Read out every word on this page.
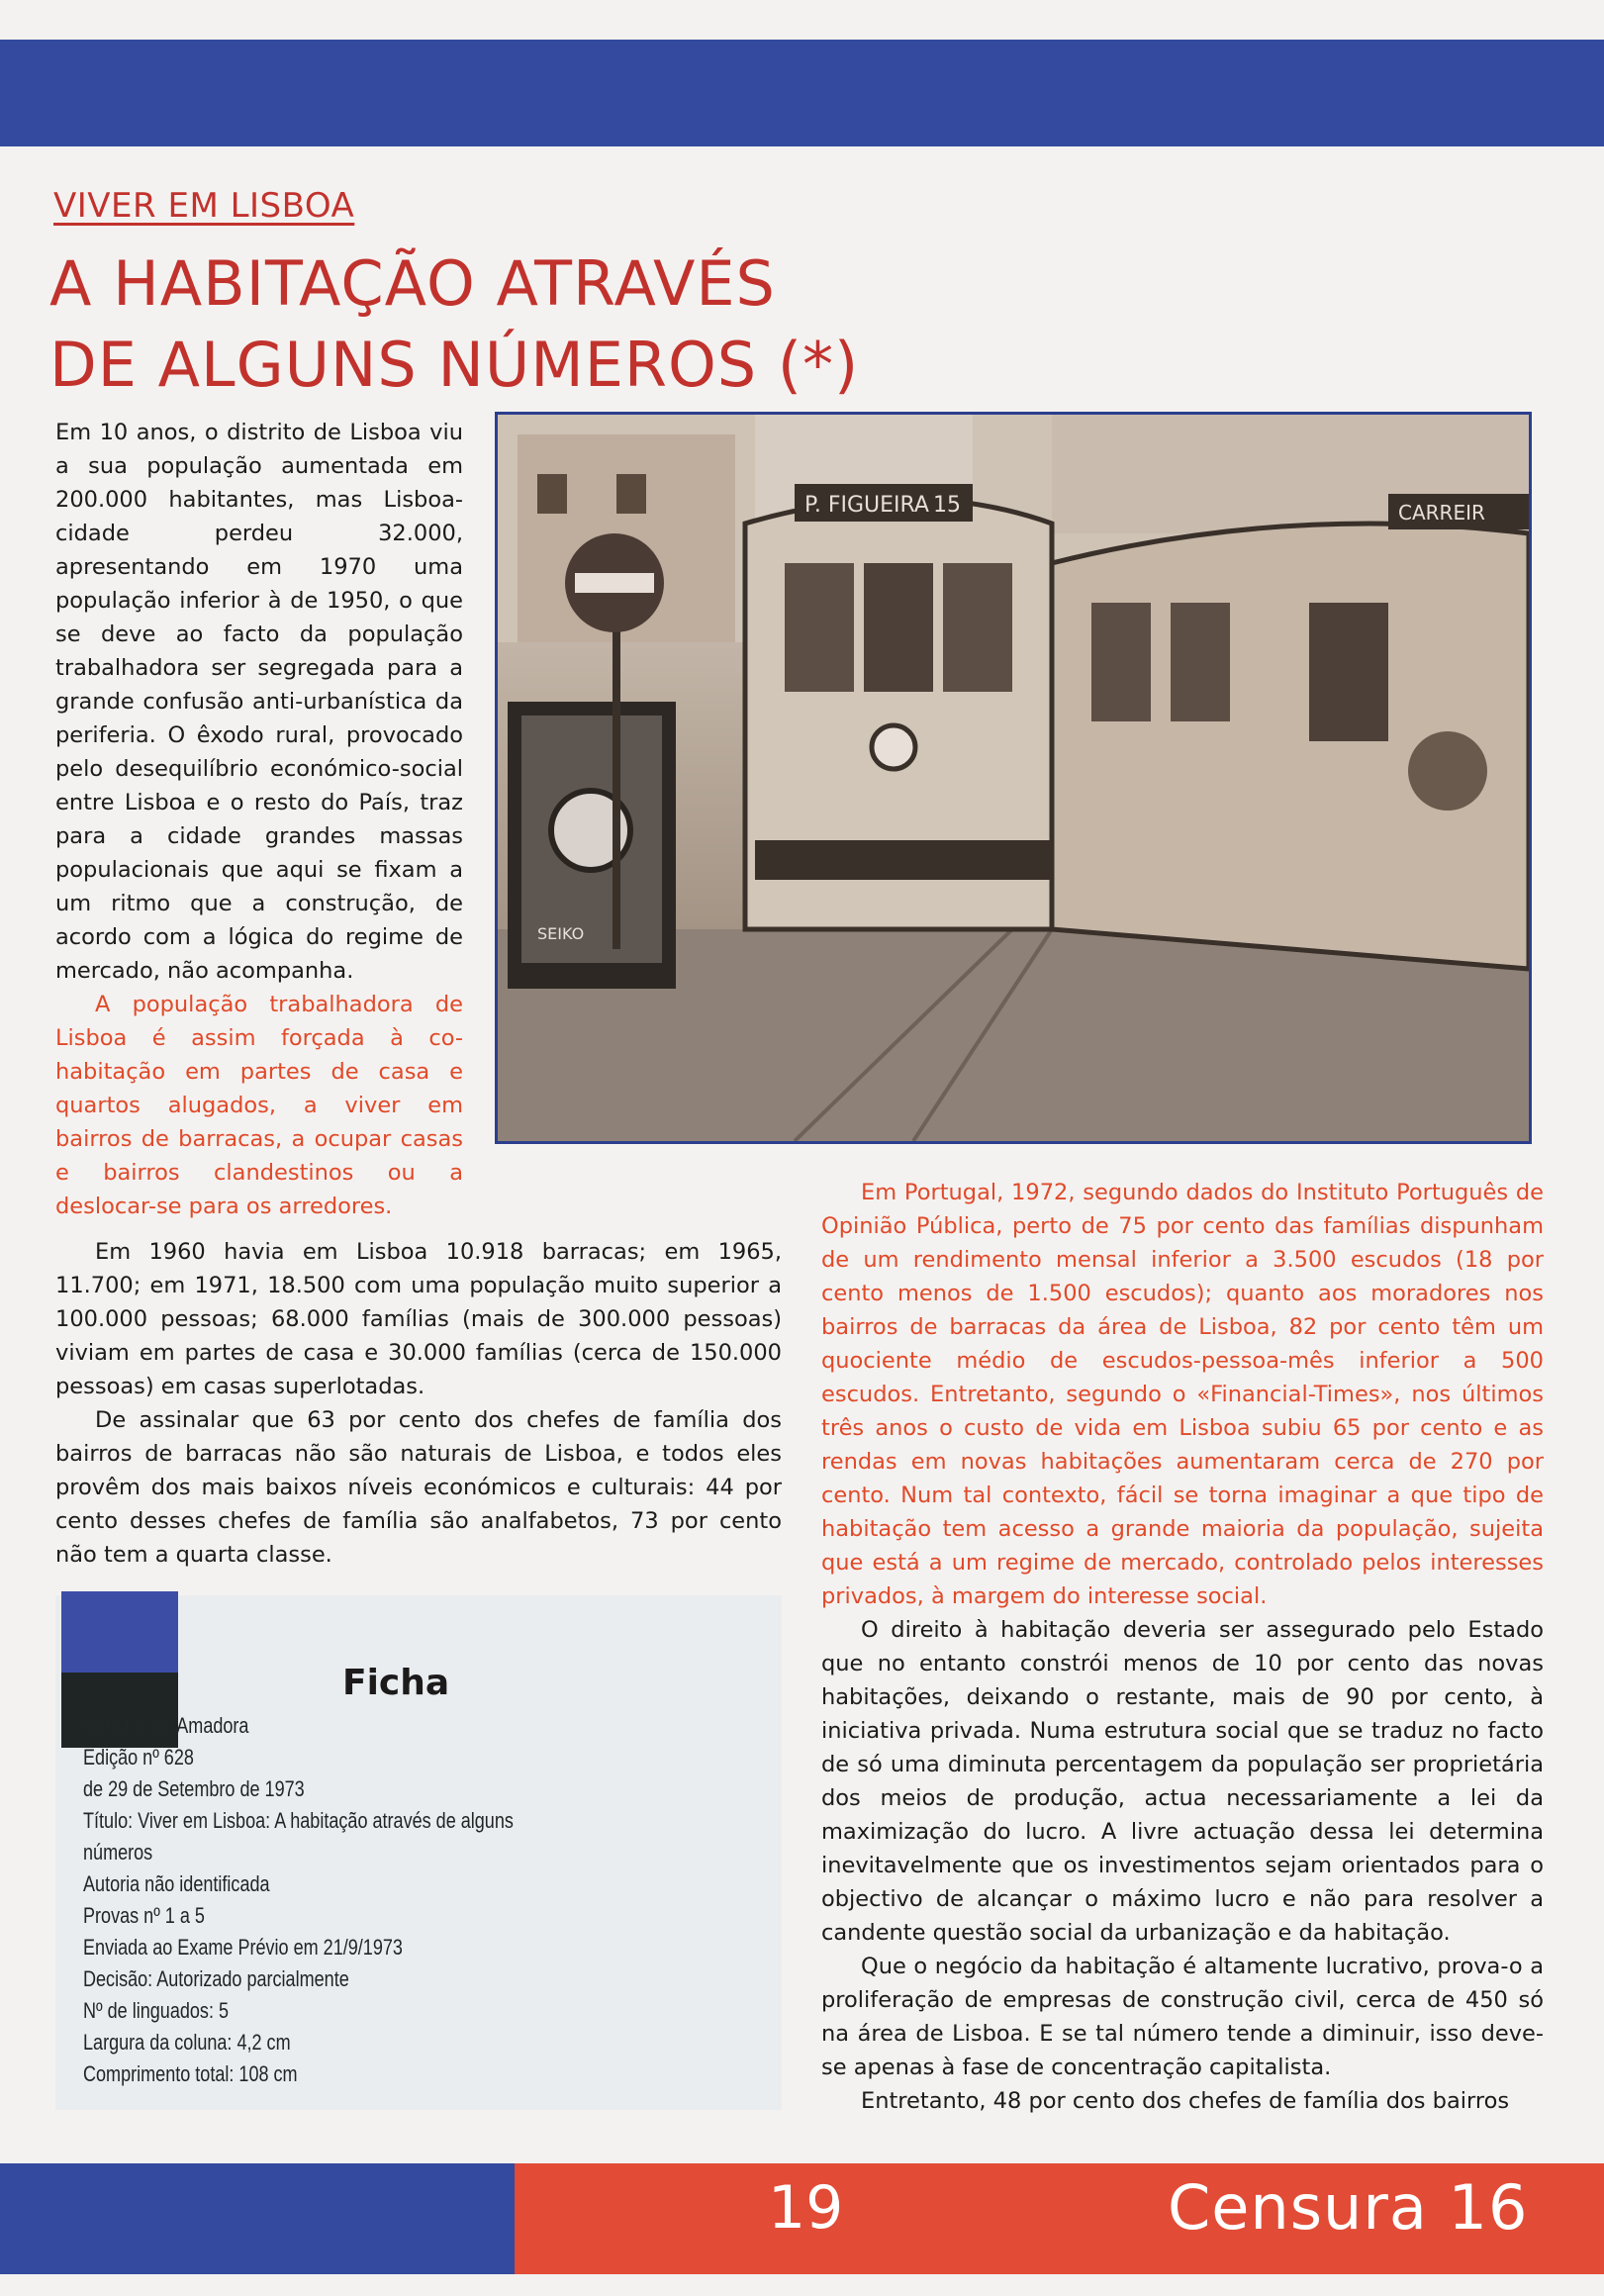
VIVER EM LISBOA

A HABITAÇÃO ATRAVÉS
DE ALGUNS NÚMEROS (*)

Em 10 anos, o distrito de Lisboa viu a sua população aumentada em 200.000 habitantes, mas Lisboa-cidade perdeu 32.000, apresentando em 1970 uma população inferior à de 1950, o que se deve ao facto da população trabalhadora ser segregada para a grande confusão anti-urbanística da periferia. O êxodo rural, provocado pelo desequilíbrio económico-social entre Lisboa e o resto do País, traz para a cidade grandes massas populacionais que aqui se fixam a um ritmo que a construção, de acordo com a lógica do regime de mercado, não acompanha.

A população trabalhadora de Lisboa é assim forçada à co-habitação em partes de casa e quartos alugados, a viver em bairros de barracas, a ocupar casas e bairros clandestinos ou a deslocar-se para os arredores.

SEIKO
P. FIGUEIRA 15	CARREIR

Em 1960 havia em Lisboa 10.918 barracas; em 1965, 11.700; em 1971, 18.500 com uma população muito superior a 100.000 pessoas; 68.000 famílias (mais de 300.000 pessoas) viviam em partes de casa e 30.000 famílias (cerca de 150.000 pessoas) em casas superlotadas.

De assinalar que 63 por cento dos chefes de família dos bairros de barracas não são naturais de Lisboa, e todos eles provêm dos mais baixos níveis económicos e culturais: 44 por cento desses chefes de família são analfabetos, 73 por cento não tem a quarta classe.

Em Portugal, 1972, segundo dados do Instituto Português de Opinião Pública, perto de 75 por cento das famílias dispunham de um rendimento mensal inferior a 3.500 escudos (18 por cento menos de 1.500 escudos); quanto aos moradores nos bairros de barracas da área de Lisboa, 82 por cento têm um quociente médio de escudos-pessoa-mês inferior a 500 escudos. Entretanto, segundo o «Financial-Times», nos últimos três anos o custo de vida em Lisboa subiu 65 por cento e as rendas em novas habitações aumentaram cerca de 270 por cento. Num tal contexto, fácil se torna imaginar a que tipo de habitação tem acesso a grande maioria da população, sujeita que está a um regime de mercado, controlado pelos interesses privados, à margem do interesse social.

O direito à habitação deveria ser assegurado pelo Estado que no entanto constrói menos de 10 por cento das novas habitações, deixando o restante, mais de 90 por cento, à iniciativa privada. Numa estrutura social que se traduz no facto de só uma diminuta percentagem da população ser proprietária dos meios de produção, actua necessariamente a lei da maximização do lucro. A livre actuação dessa lei determina inevitavelmente que os investimentos sejam orientados para o objectivo de alcançar o máximo lucro e não para resolver a candente questão social da urbanização e da habitação.

Que o negócio da habitação é altamente lucrativo, prova-o a proliferação de empresas de construção civil, cerca de 450 só na área de Lisboa. E se tal número tende a diminuir, isso deve-se apenas à fase de concentração capitalista.

Entretanto, 48 por cento dos chefes de família dos bairros

Ficha
Notícias da Amadora
Edição nº 628
de 29 de Setembro de 1973
Título: Viver em Lisboa: A habitação através de alguns
números
Autoria não identificada
Provas nº 1 a 5
Enviada ao Exame Prévio em 21/9/1973
Decisão: Autorizado parcialmente
Nº de linguados: 5
Largura da coluna: 4,2 cm
Comprimento total: 108 cm

19	Censura 16
